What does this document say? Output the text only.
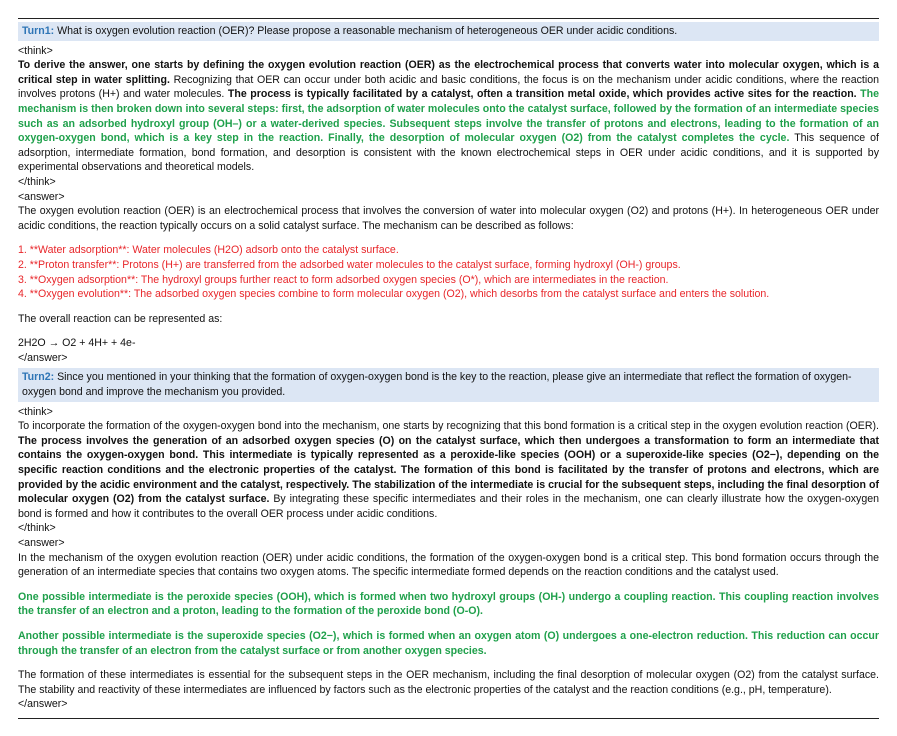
Turn1: What is oxygen evolution reaction (OER)? Please propose a reasonable mechanism of heterogeneous OER under acidic conditions.
<think>
To derive the answer, one starts by defining the oxygen evolution reaction (OER) as the electrochemical process that converts water into molecular oxygen, which is a critical step in water splitting. Recognizing that OER can occur under both acidic and basic conditions, the focus is on the mechanism under acidic conditions, where the reaction involves protons (H+) and water molecules. The process is typically facilitated by a catalyst, often a transition metal oxide, which provides active sites for the reaction. The mechanism is then broken down into several steps: first, the adsorption of water molecules onto the catalyst surface, followed by the formation of an intermediate species such as an adsorbed hydroxyl group (OH–) or a water-derived species. Subsequent steps involve the transfer of protons and electrons, leading to the formation of an oxygen-oxygen bond, which is a key step in the reaction. Finally, the desorption of molecular oxygen (O2) from the catalyst completes the cycle. This sequence of adsorption, intermediate formation, bond formation, and desorption is consistent with the known electrochemical steps in OER under acidic conditions, and it is supported by experimental observations and theoretical models.
</think>
<answer>
The oxygen evolution reaction (OER) is an electrochemical process that involves the conversion of water into molecular oxygen (O2) and protons (H+). In heterogeneous OER under acidic conditions, the reaction typically occurs on a solid catalyst surface. The mechanism can be described as follows:
1. **Water adsorption**: Water molecules (H2O) adsorb onto the catalyst surface.
2. **Proton transfer**: Protons (H+) are transferred from the adsorbed water molecules to the catalyst surface, forming hydroxyl (OH-) groups.
3. **Oxygen adsorption**: The hydroxyl groups further react to form adsorbed oxygen species (O*), which are intermediates in the reaction.
4. **Oxygen evolution**: The adsorbed oxygen species combine to form molecular oxygen (O2), which desorbs from the catalyst surface and enters the solution.
The overall reaction can be represented as:
2H2O → O2 + 4H+ + 4e-
</answer>
Turn2: Since you mentioned in your thinking that the formation of oxygen-oxygen bond is the key to the reaction, please give an intermediate that reflect the formation of oxygen-oxygen bond and improve the mechanism you provided.
<think>
To incorporate the formation of the oxygen-oxygen bond into the mechanism, one starts by recognizing that this bond formation is a critical step in the oxygen evolution reaction (OER). The process involves the generation of an adsorbed oxygen species (O) on the catalyst surface, which then undergoes a transformation to form an intermediate that contains the oxygen-oxygen bond. This intermediate is typically represented as a peroxide-like species (OOH) or a superoxide-like species (O2−), depending on the specific reaction conditions and the electronic properties of the catalyst. The formation of this bond is facilitated by the transfer of protons and electrons, which are provided by the acidic environment and the catalyst, respectively. The stabilization of the intermediate is crucial for the subsequent steps, including the final desorption of molecular oxygen (O2) from the catalyst surface. By integrating these specific intermediates and their roles in the mechanism, one can clearly illustrate how the oxygen-oxygen bond is formed and how it contributes to the overall OER process under acidic conditions.
</think>
<answer>
In the mechanism of the oxygen evolution reaction (OER) under acidic conditions, the formation of the oxygen-oxygen bond is a critical step. This bond formation occurs through the generation of an intermediate species that contains two oxygen atoms. The specific intermediate formed depends on the reaction conditions and the catalyst used.
One possible intermediate is the peroxide species (OOH), which is formed when two hydroxyl groups (OH-) undergo a coupling reaction. This coupling reaction involves the transfer of an electron and a proton, leading to the formation of the peroxide bond (O-O).
Another possible intermediate is the superoxide species (O2−), which is formed when an oxygen atom (O) undergoes a one-electron reduction. This reduction can occur through the transfer of an electron from the catalyst surface or from another oxygen species.
The formation of these intermediates is essential for the subsequent steps in the OER mechanism, including the final desorption of molecular oxygen (O2) from the catalyst surface. The stability and reactivity of these intermediates are influenced by factors such as the electronic properties of the catalyst and the reaction conditions (e.g., pH, temperature).
</answer>
